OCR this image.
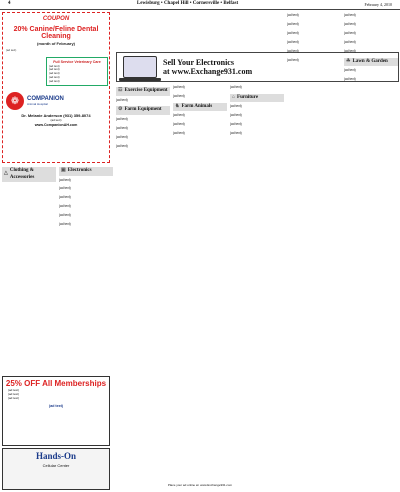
4	Lewisburg • Chapel Hill • Cornersville • Belfast	February 4, 2010
COUPON
20% Canine/Feline Dental Cleaning
(month of February)
(ad text)
Full Service Veterinary Care
(ad text)
(ad text)
(ad text)
(ad text)
(ad text)
❁	COMPANION
Animal Hospital
Dr. Melanie Anderson (931) 359-8074
(ad text)
www.CompanionAH.com
Sell Your Electronics
at www.Exchange931.com
△
Clothing & Accessories
▣ Electronics
(ad text)
(ad text)
(ad text)
(ad text)
(ad text)
(ad text)
☲ Exercise Equipment
(ad text)
⚙ Farm Equipment
(ad text)
(ad text)
(ad text)
(ad text)
(ad text)
(ad text)
♞ Farm Animals
(ad text)
(ad text)
(ad text)
(ad text)
⌂ Furniture
(ad text)
(ad text)
(ad text)
(ad text)
(ad text)
(ad text)
(ad text)
(ad text)
(ad text)
(ad text)
(ad text)
(ad text)
(ad text)
(ad text)
(ad text)
☘ Lawn & Garden
(ad text)
(ad text)
25% OFF All Memberships
(ad text)
(ad text)
(ad text)
(ad text)
Hands-On
Cellular Center
Place your ad online at: www.Exchange931.com
